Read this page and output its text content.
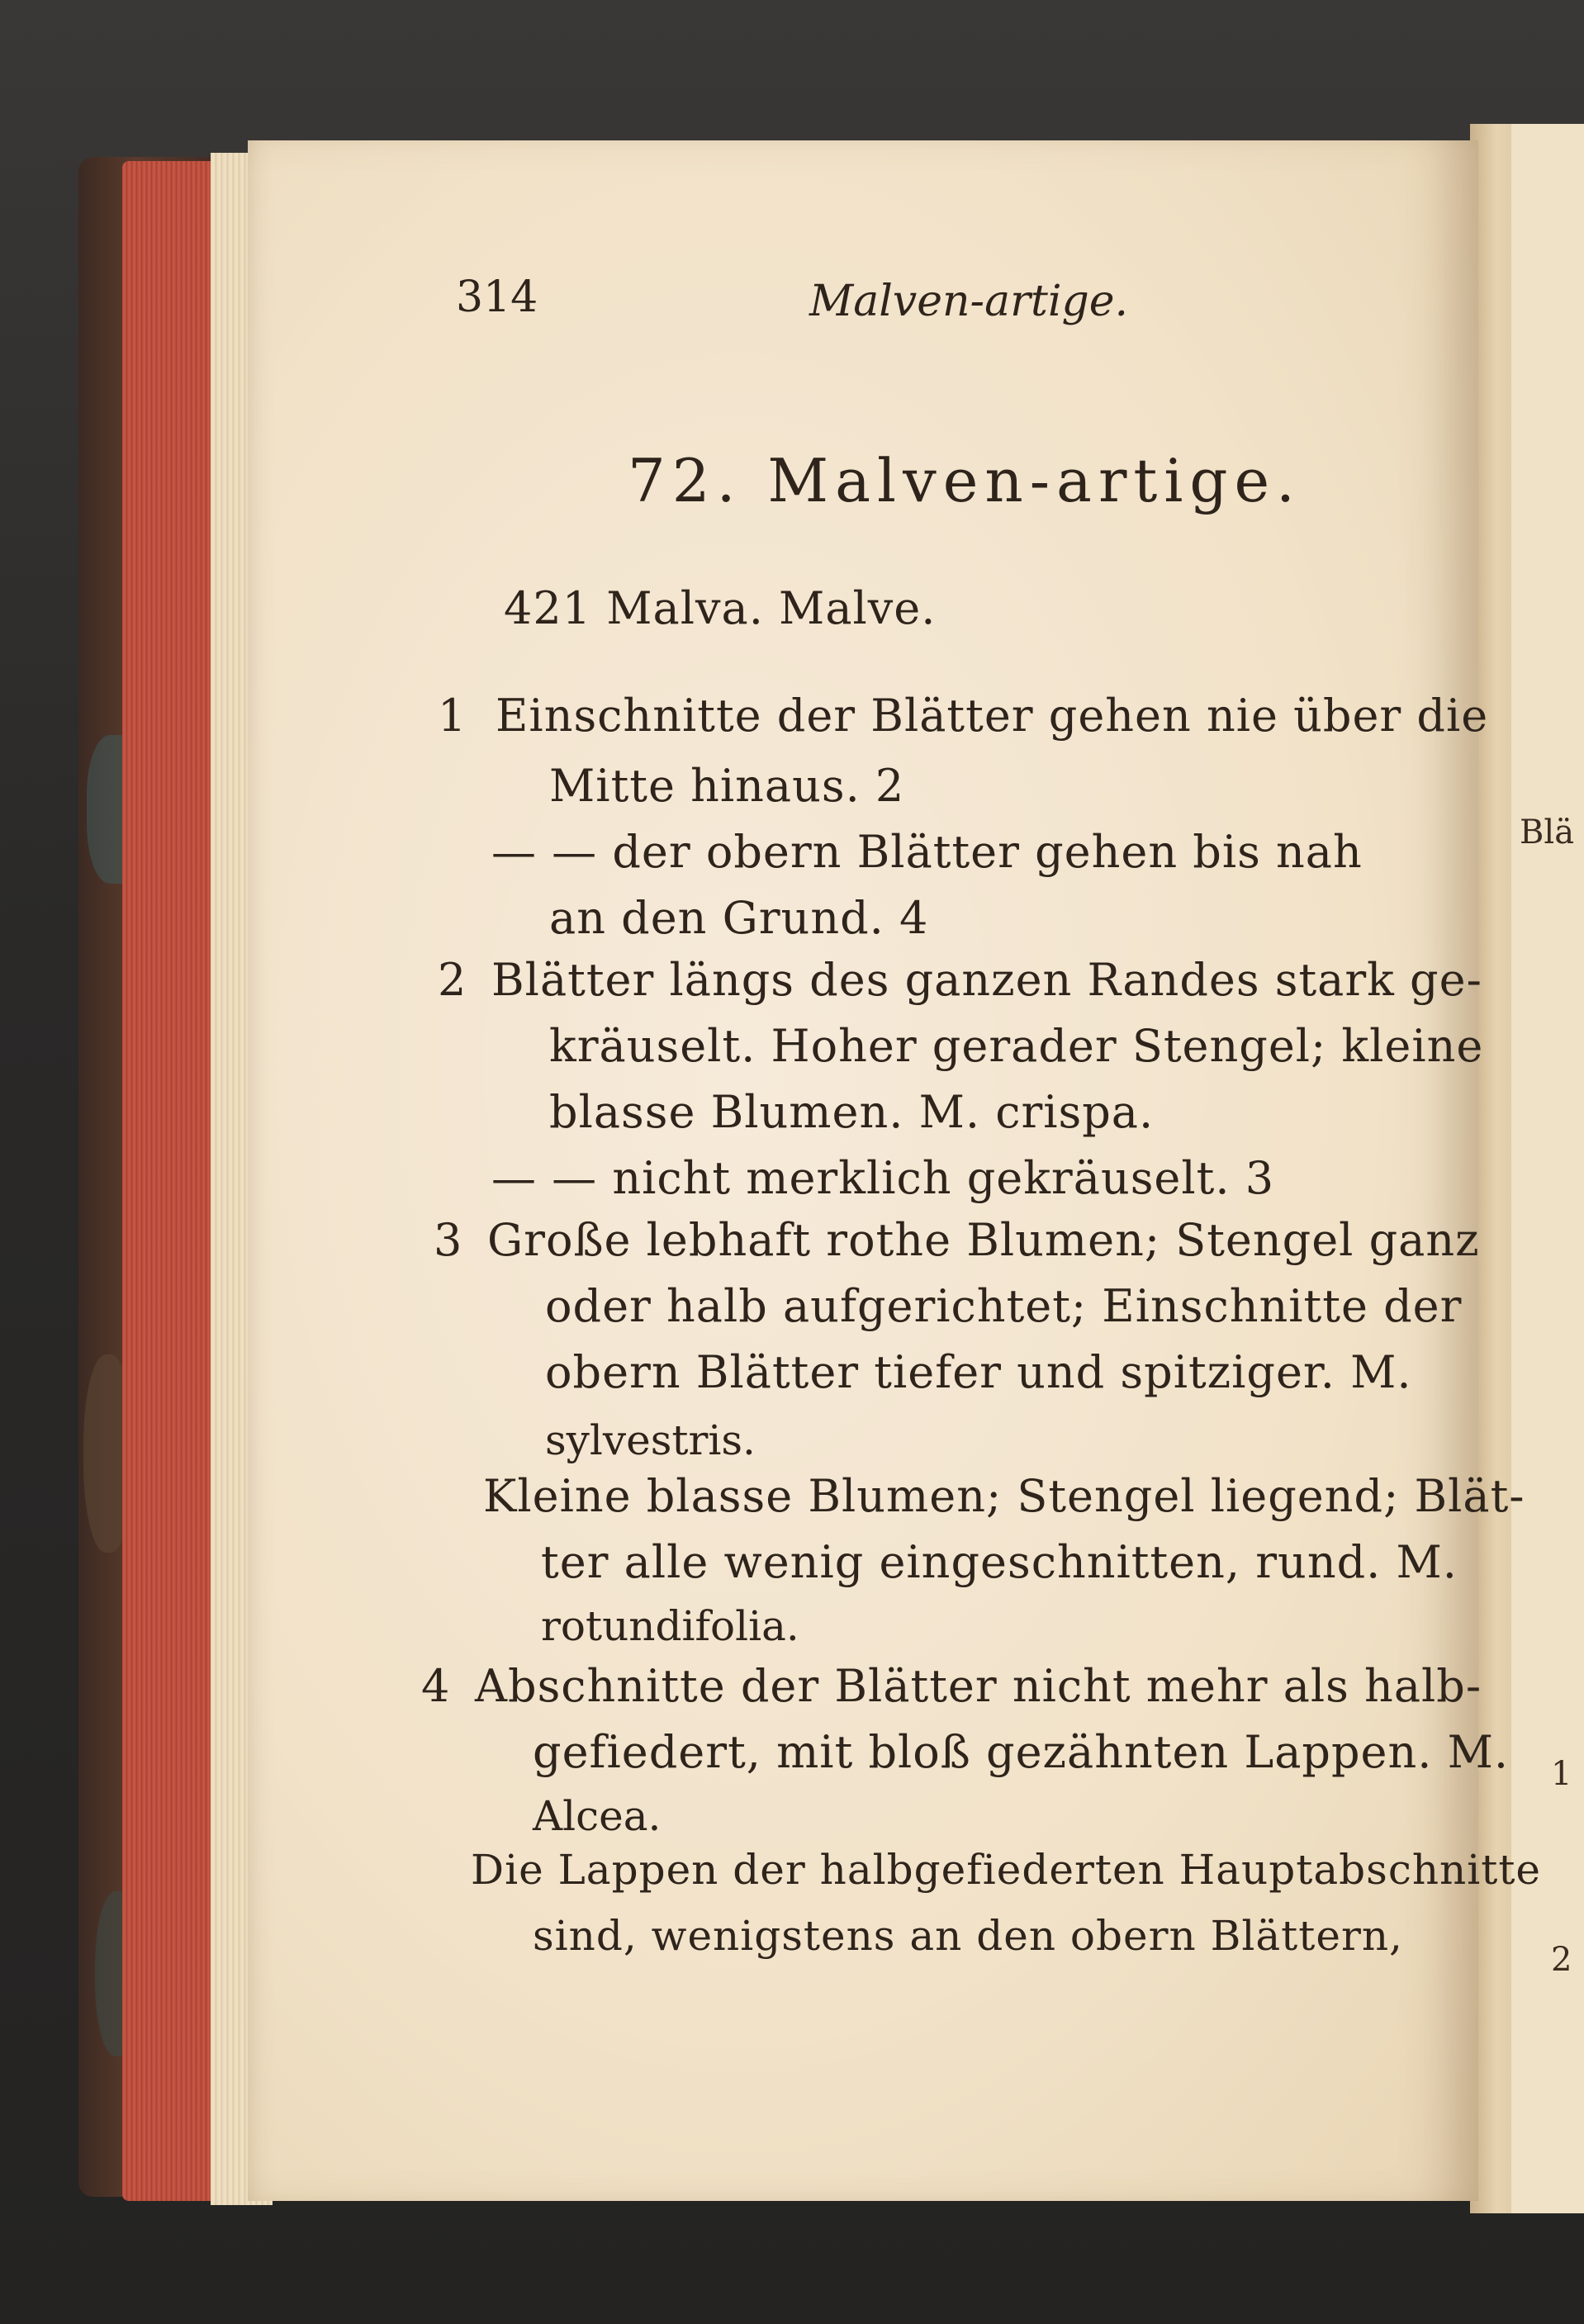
Blä
1
2
314	Malven-artige.
72. Malven-artige.
421 Malva. Malve.
1 Einschnitte der Blätter gehen nie über die
Mitte hinaus. 2
— — der obern Blätter gehen bis nah
an den Grund. 4
2 Blätter längs des ganzen Randes stark ge-
kräuselt. Hoher gerader Stengel; kleine
blasse Blumen. M. crispa.
— — nicht merklich gekräuselt. 3
3 Große lebhaft rothe Blumen; Stengel ganz
oder halb aufgerichtet; Einschnitte der
obern Blätter tiefer und spitziger. M.
sylvestris.
Kleine blasse Blumen; Stengel liegend; Blät-
ter alle wenig eingeschnitten, rund. M.
rotundifolia.
4 Abschnitte der Blätter nicht mehr als halb-
gefiedert, mit bloß gezähnten Lappen. M.
Alcea.
Die Lappen der halbgefiederten Hauptabschnitte
sind, wenigstens an den obern Blättern,
